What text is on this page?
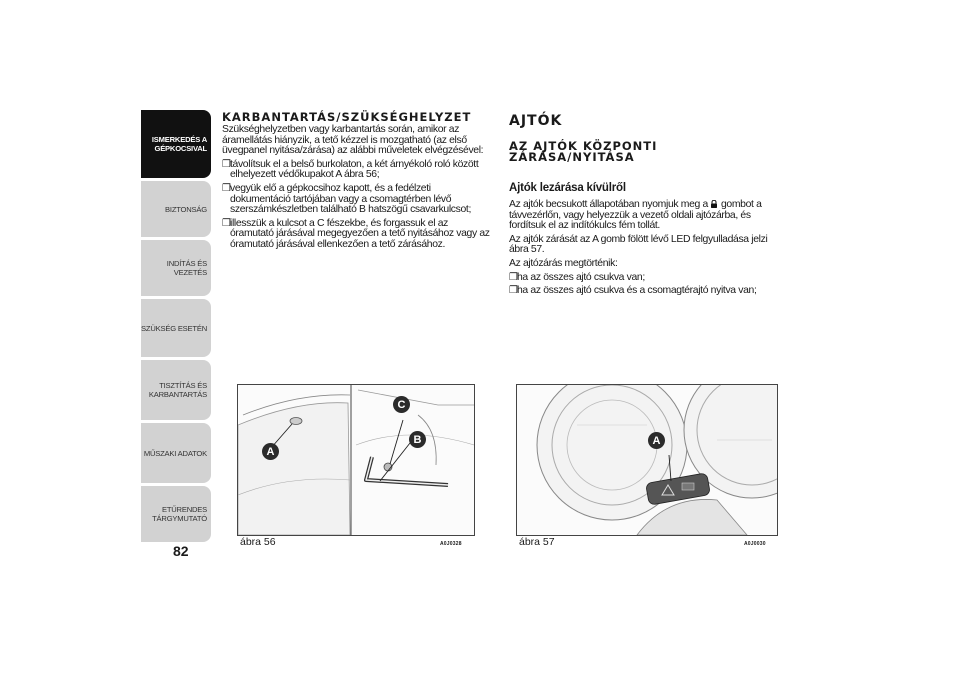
ISMERKEDÉS A
GÉPKOCSIVAL
BIZTONSÁG
INDÍTÁS ÉS VEZETÉS
SZÜKSÉG ESETÉN
TISZTÍTÁS ÉS
KARBANTARTÁS
MŰSZAKI ADATOK
ETŰRENDES
TÁRGYMUTATÓ
82
KARBANTARTÁS/SZÜKSÉGHELYZET

Szükséghelyzetben vagy karbantartás során, amikor az áramellátás hiányzik, a tető kézzel is mozgatható (az első üvegpanel nyitása/zárása) az alábbi műveletek elvégzésével:

❒ távolítsuk el a belső burkolaton, a két árnyékoló roló között elhelyezett védőkupakot A ábra 56;
❒ vegyük elő a gépkocsihoz kapott, és a fedélzeti dokumentáció tartójában vagy a csomagtérben lévő szerszámkészletben található B hatszögű csavarkulcsot;
❒ illesszük a kulcsot a C fészekbe, és forgassuk el az óramutató járásával megegyezően a tető nyitásához vagy az óramutató járásával ellenkezően a tető zárásához.
AJTÓK
AZ AJTÓK KÖZPONTI
ZÁRÁSA/NYITÁSA
Ajtók lezárása kívülről

Az ajtók becsukott állapotában nyomjuk meg a gombot a távvezérlőn, vagy helyezzük a vezető oldali ajtózárba, és fordítsuk el az indítókulcs fém tollát.

Az ajtók zárását az A gomb fölött lévő LED felgyulladása jelzi ábra 57.

Az ajtózárás megtörténik:

❒ ha az összes ajtó csukva van;
❒ ha az összes ajtó csukva és a csomagtérajtó nyitva van;
A
B
C
ábra 56	A0J0328
A
ábra 57	A0J0030
